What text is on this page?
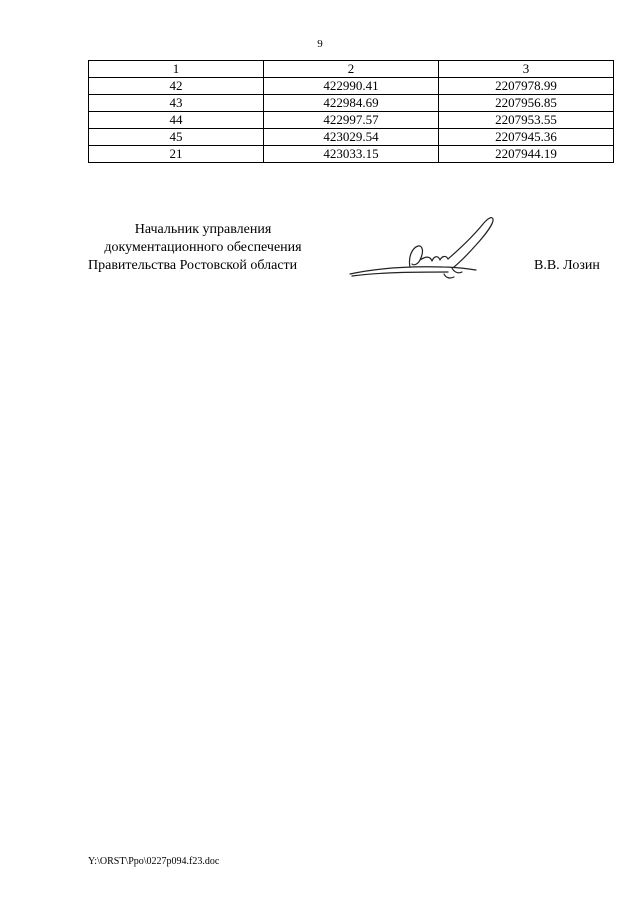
9
1	2	3
42	422990.41	2207978.99
43	422984.69	2207956.85
44	422997.57	2207953.55
45	423029.54	2207945.36
21	423033.15	2207944.19
Начальник управления
документационного обеспечения
Правительства Ростовской области	В.В. Лозин
Y:\ORST\Ppo\0227p094.f23.doc
